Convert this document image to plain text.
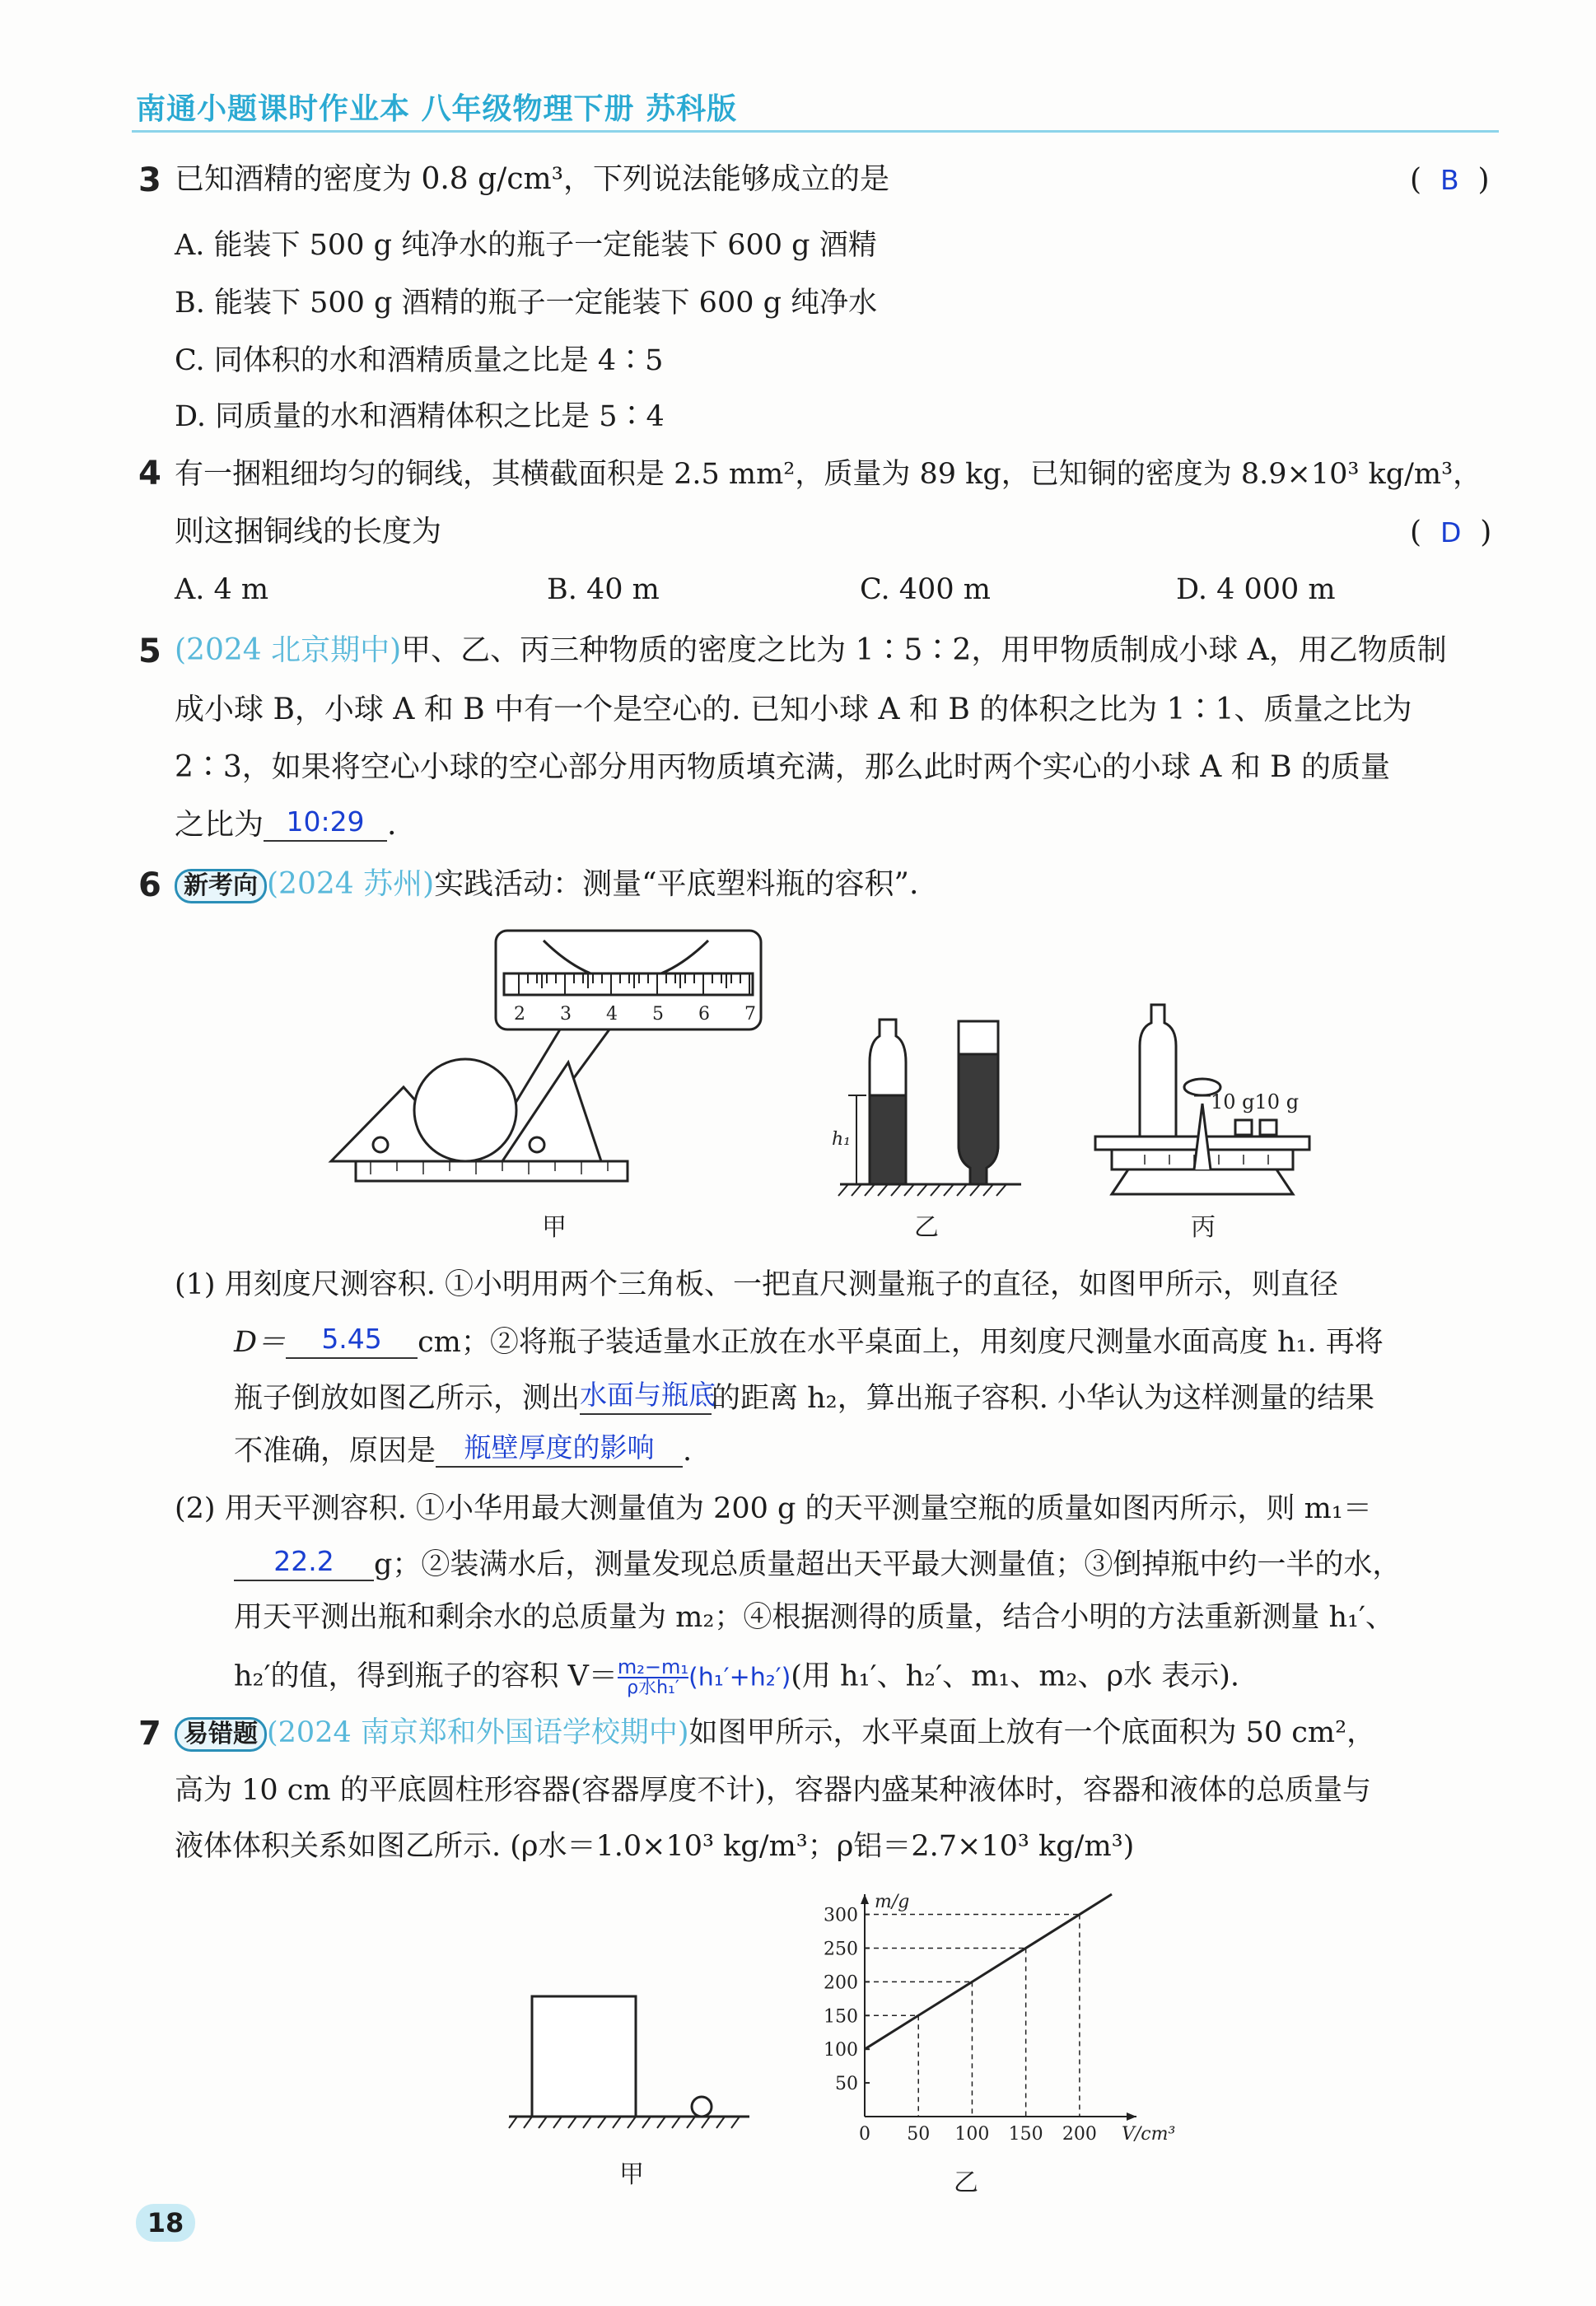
南通小题课时作业本 八年级物理下册 苏科版
3 已知酒精的密度为 0.8 g/cm³，下列说法能够成立的是	(  B  )
A. 能装下 500 g 纯净水的瓶子一定能装下 600 g 酒精
B. 能装下 500 g 酒精的瓶子一定能装下 600 g 纯净水
C. 同体积的水和酒精质量之比是 4∶5
D. 同质量的水和酒精体积之比是 5∶4
4 有一捆粗细均匀的铜线，其横截面积是 2.5 mm²，质量为 89 kg，已知铜的密度为 8.9×10³ kg/m³，
则这捆铜线的长度为	(  D  )
A. 4 m	B. 40 m	C. 400 m	D. 4 000 m
5 (2024 北京期中)甲、乙、丙三种物质的密度之比为 1∶5∶2，用甲物质制成小球 A，用乙物质制
成小球 B，小球 A 和 B 中有一个是空心的. 已知小球 A 和 B 的体积之比为 1∶1、质量之比为
2∶3，如果将空心小球的空心部分用丙物质填充满，那么此时两个实心的小球 A 和 B 的质量
之比为 10:29 .
6 新考向 (2024 苏州)实践活动：测量“平底塑料瓶的容积”.
2 3 4 5 6 7
h₁
10 g10 g
甲	乙	丙
(1) 用刻度尺测容积. ①小明用两个三角板、一把直尺测量瓶子的直径，如图甲所示，则直径
D＝ 5.45 cm；②将瓶子装适量水正放在水平桌面上，用刻度尺测量水面高度 h₁. 再将
瓶子倒放如图乙所示，测出水面与瓶底的距离 h₂，算出瓶子容积. 小华认为这样测量的结果
不准确，原因是 瓶壁厚度的影响 .
(2) 用天平测容积. ①小华用最大测量值为 200 g 的天平测量空瓶的质量如图丙所示，则 m₁＝
22.2 g；②装满水后，测量发现总质量超出天平最大测量值；③倒掉瓶中约一半的水，
用天平测出瓶和剩余水的总质量为 m₂；④根据测得的质量，结合小明的方法重新测量 h₁′、
h₂′的值，得到瓶子的容积 V＝ m₂−m₁
ρ水h₁′ (h₁′+h₂′)(用 h₁′、h₂′、m₁、m₂、ρ水 表示).
7 易错题 (2024 南京郑和外国语学校期中)如图甲所示，水平桌面上放有一个底面积为 50 cm²，
高为 10 cm 的平底圆柱形容器(容器厚度不计)，容器内盛某种液体时，容器和液体的总质量与
液体体积关系如图乙所示. (ρ水＝1.0×10³ kg/m³；ρ铝＝2.7×10³ kg/m³)
甲
0 50 100 150 200
50
100
150
200
250
300
m/g
V/cm³
乙
18
